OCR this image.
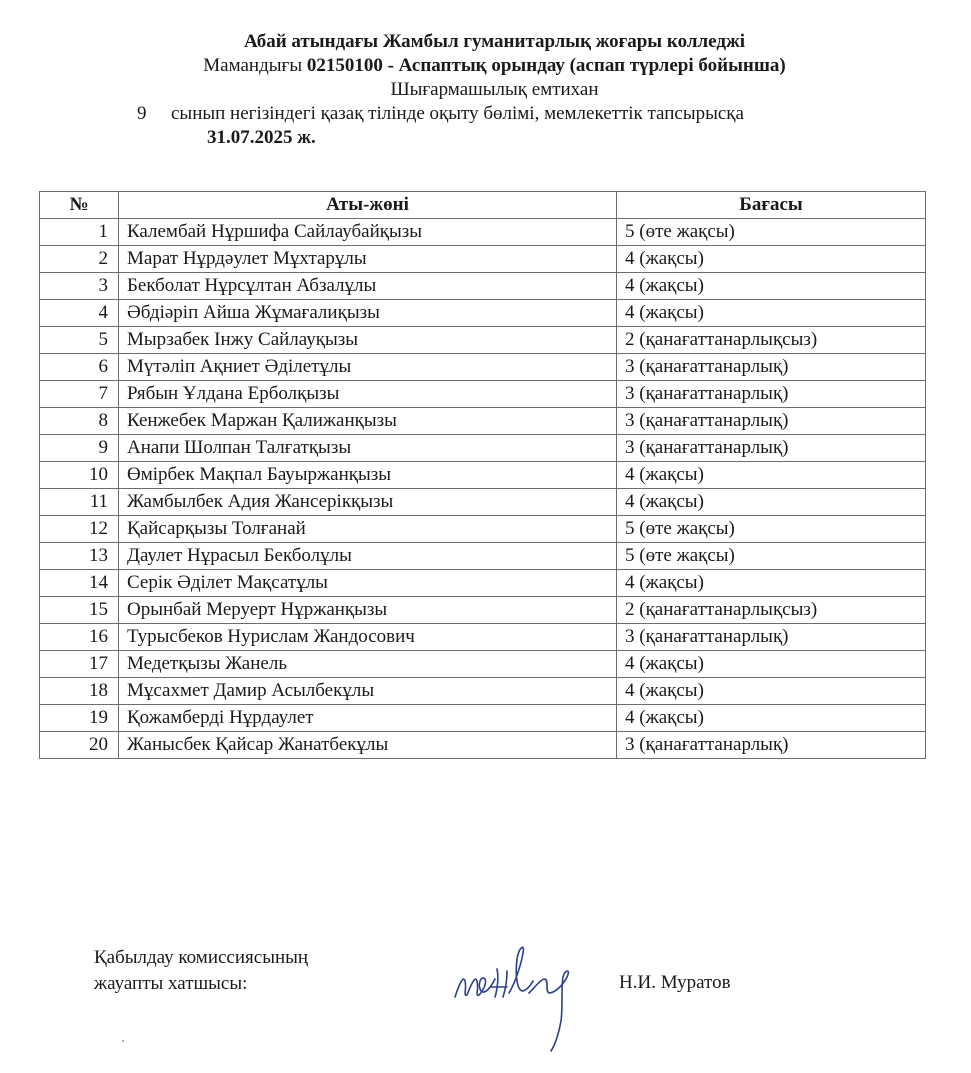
Абай атындағы Жамбыл гуманитарлық жоғары колледжі
Мамандығы 02150100 - Аспаптық орындау (аспап түрлері бойынша)
Шығармашылық емтихан
9 сынып негізіндегі қазақ тілінде оқыту бөлімі, мемлекеттік тапсырысқа
31.07.2025 ж.
№	Аты-жөні	Бағасы
1	Калембай Нұршифа Сайлаубайқызы	5 (өте жақсы)
2	Марат Нұрдәулет Мұхтарұлы	4 (жақсы)
3	Бекболат Нұрсұлтан Абзалұлы	4 (жақсы)
4	Әбдіәріп Айша Жұмағалиқызы	4 (жақсы)
5	Мырзабек Інжу Сайлауқызы	2 (қанағаттанарлықсыз)
6	Мүтәліп Ақниет Әділетұлы	3 (қанағаттанарлық)
7	Рябын Ұлдана Ерболқызы	3 (қанағаттанарлық)
8	Кенжебек Маржан Қалижанқызы	3 (қанағаттанарлық)
9	Анапи Шолпан Талғатқызы	3 (қанағаттанарлық)
10	Өмірбек Мақпал Бауыржанқызы	4 (жақсы)
11	Жамбылбек Адия Жансерікқызы	4 (жақсы)
12	Қайсарқызы Толғанай	5 (өте жақсы)
13	Даулет Нұрасыл Бекболұлы	5 (өте жақсы)
14	Серік Әділет Мақсатұлы	4 (жақсы)
15	Орынбай Меруерт Нұржанқызы	2 (қанағаттанарлықсыз)
16	Турысбеков Нурислам Жандосович	3 (қанағаттанарлық)
17	Медетқызы Жанель	4 (жақсы)
18	Мұсахмет Дамир Асылбекұлы	4 (жақсы)
19	Қожамберді Нұрдаулет	4 (жақсы)
20	Жанысбек Қайсар Жанатбекұлы	3 (қанағаттанарлық)
Қабылдау комиссиясының
жауапты хатшысы:	Н.И. Муратов
